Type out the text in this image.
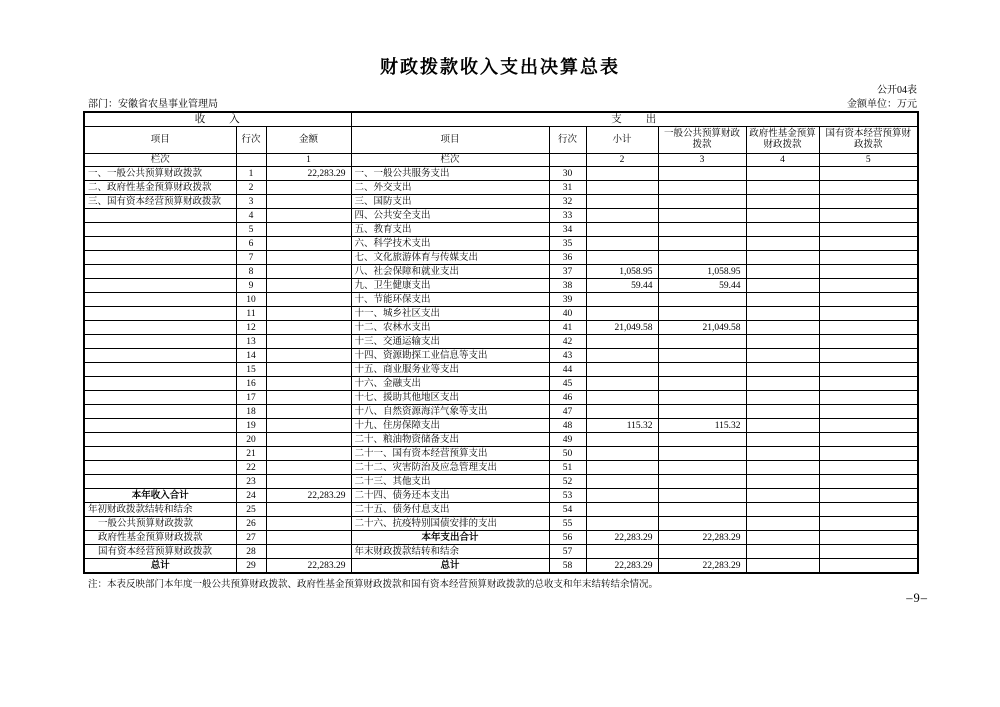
财政拨款收入支出决算总表
公开04表
部门：安徽省农垦事业管理局	金额单位：万元
收　　入			支　　出					
项目	行次	金额	项目	行次	小计	一般公共预算财政拨款	政府性基金预算财政拨款	国有资本经营预算财政拨款
栏次		1	栏次		2	3	4	5
一、一般公共预算财政拨款	1	22,283.29	一、一般公共服务支出	30				
二、政府性基金预算财政拨款	2		二、外交支出	31				
三、国有资本经营预算财政拨款	3		三、国防支出	32				
	4		四、公共安全支出	33				
	5		五、教育支出	34				
	6		六、科学技术支出	35				
	7		七、文化旅游体育与传媒支出	36				
	8		八、社会保障和就业支出	37	1,058.95	1,058.95		
	9		九、卫生健康支出	38	59.44	59.44		
	10		十、节能环保支出	39				
	11		十一、城乡社区支出	40				
	12		十二、农林水支出	41	21,049.58	21,049.58		
	13		十三、交通运输支出	42				
	14		十四、资源勘探工业信息等支出	43				
	15		十五、商业服务业等支出	44				
	16		十六、金融支出	45				
	17		十七、援助其他地区支出	46				
	18		十八、自然资源海洋气象等支出	47				
	19		十九、住房保障支出	48	115.32	115.32		
	20		二十、粮油物资储备支出	49				
	21		二十一、国有资本经营预算支出	50				
	22		二十二、灾害防治及应急管理支出	51				
	23		二十三、其他支出	52				
本年收入合计	24	22,283.29	二十四、债务还本支出	53				
年初财政拨款结转和结余	25		二十五、债务付息支出	54				
一般公共预算财政拨款	26		二十六、抗疫特别国债安排的支出	55				
政府性基金预算财政拨款	27		本年支出合计	56	22,283.29	22,283.29		
国有资本经营预算财政拨款	28		年末财政拨款结转和结余	57				
总计	29	22,283.29	总计	58	22,283.29	22,283.29		
注：本表反映部门本年度一般公共预算财政拨款、政府性基金预算财政拨款和国有资本经营预算财政拨款的总收支和年末结转结余情况。
–9–
